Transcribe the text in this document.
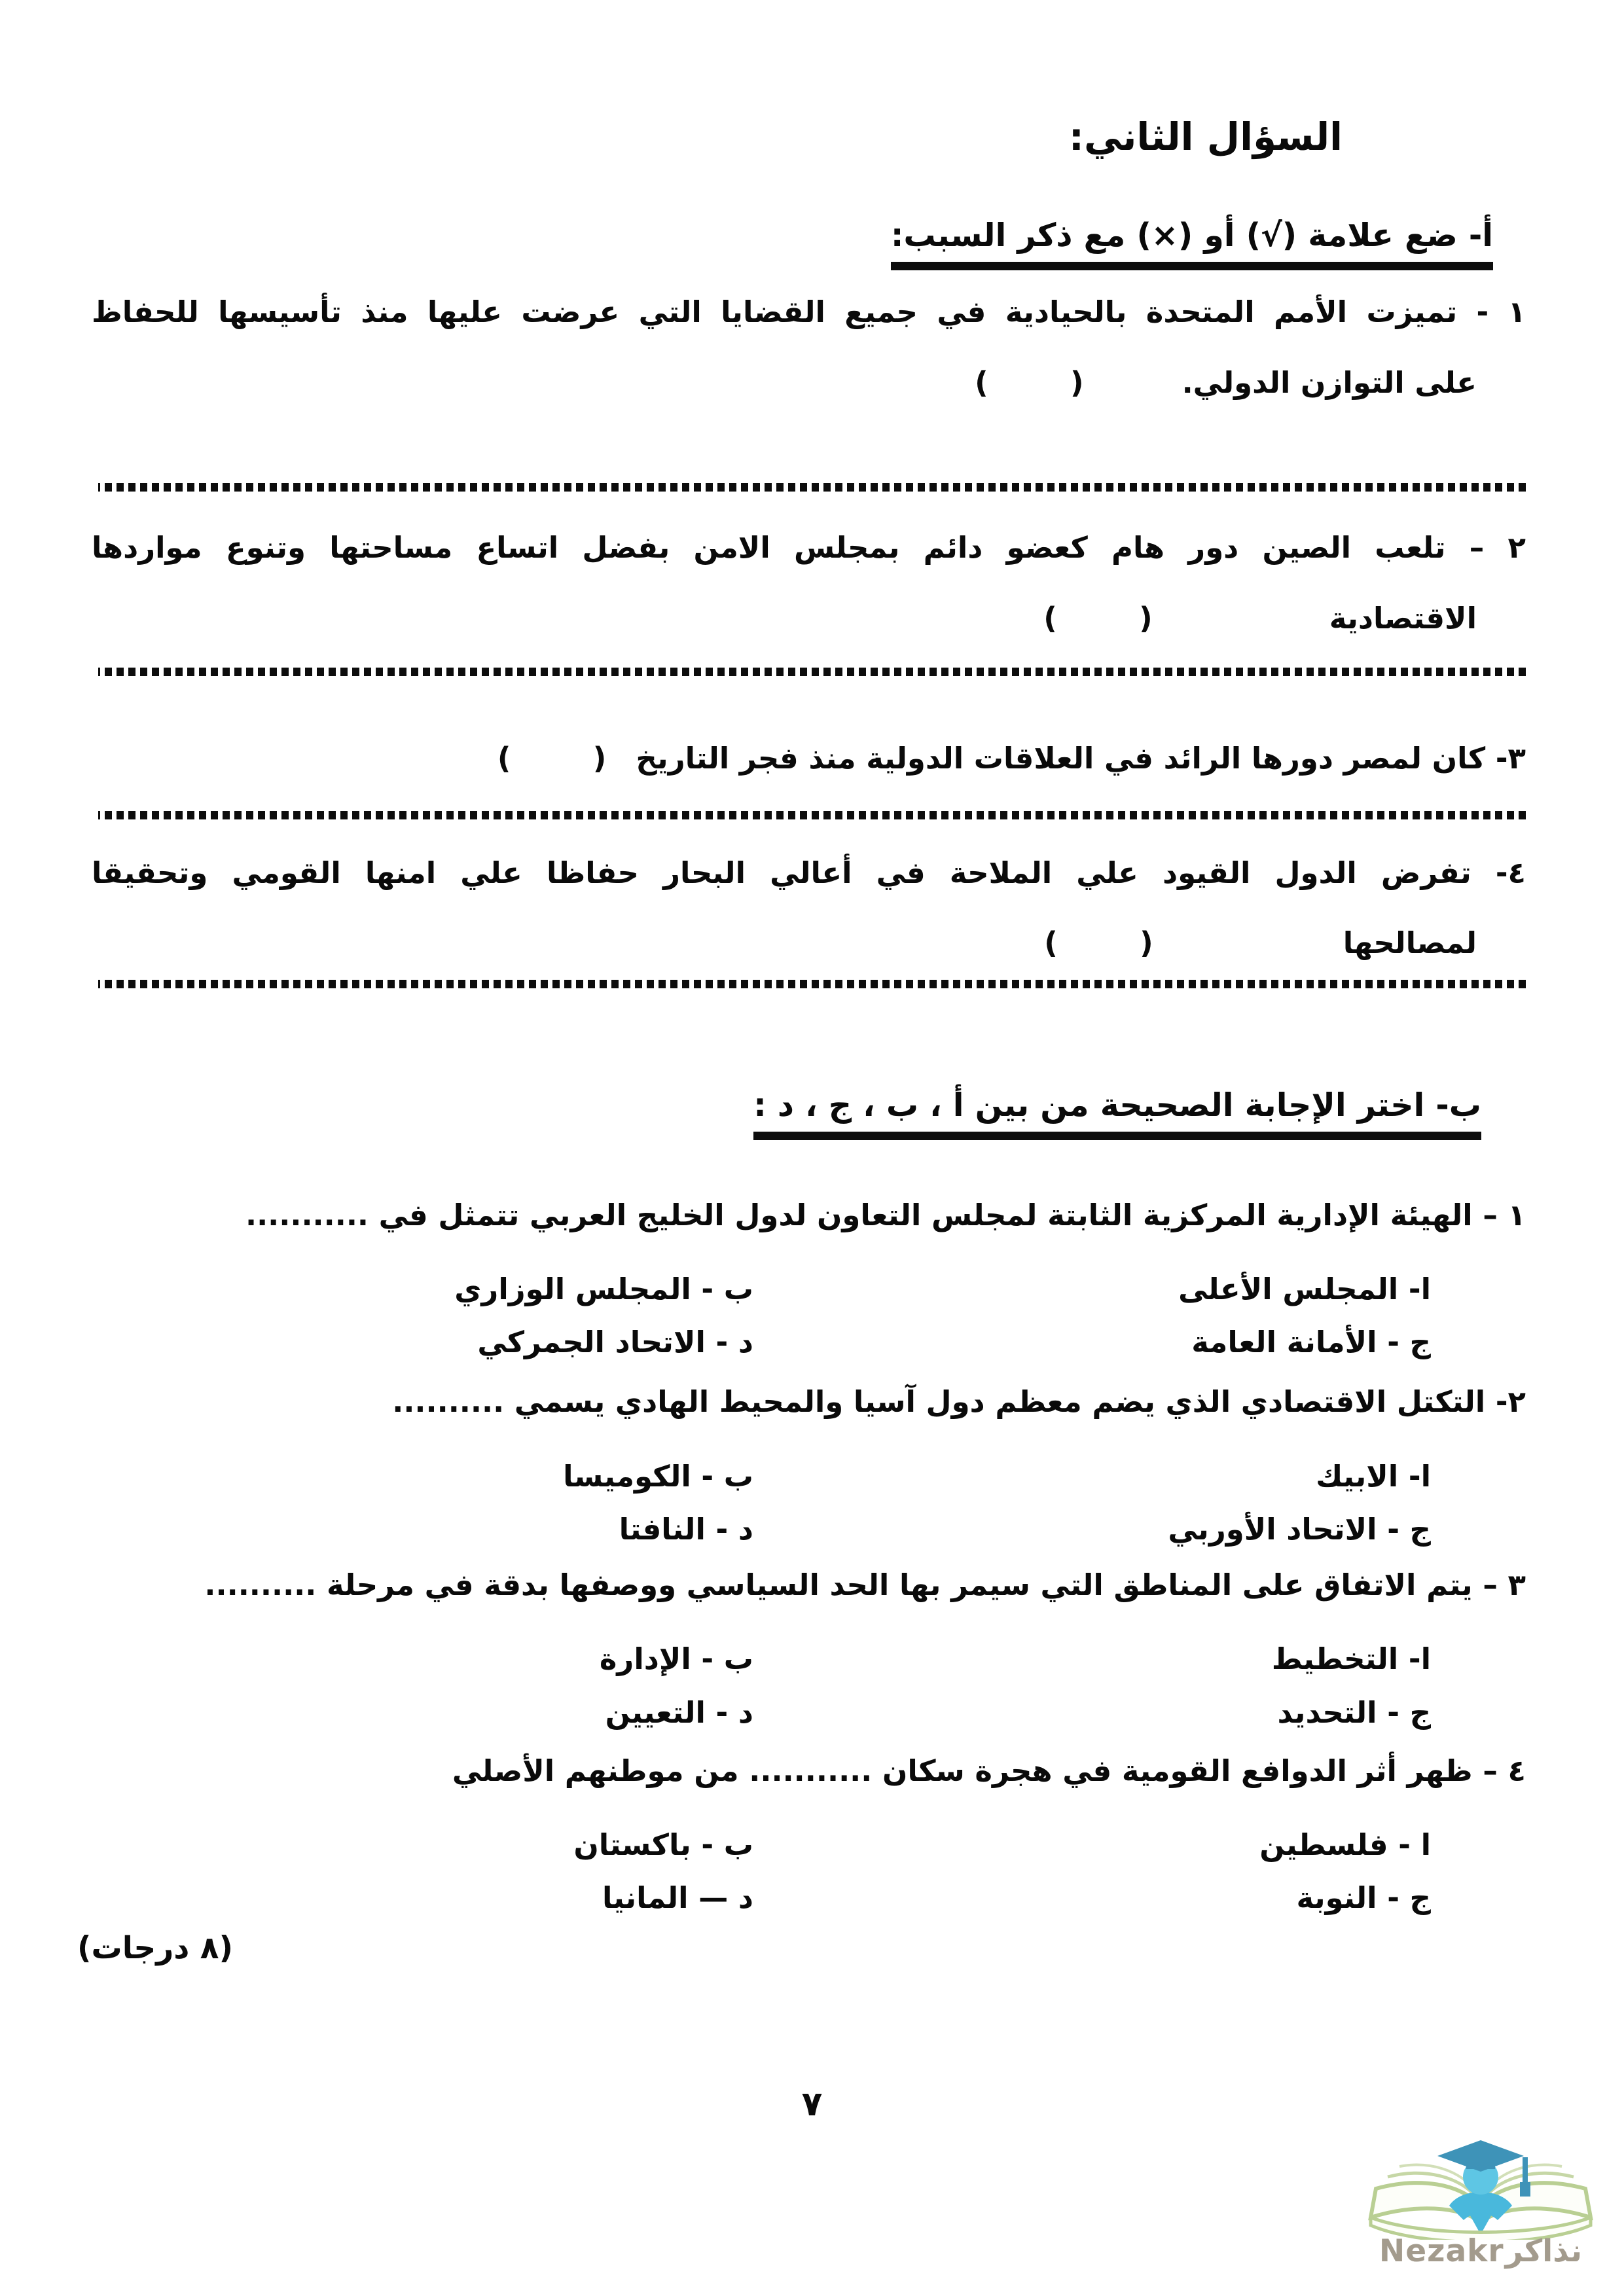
السؤال الثاني:
أ- ضع علامة (√) أو (×) مع ذكر السبب:
١ - تميزت الأمم المتحدة بالحيادية في جميع القضايا التي عرضت عليها منذ تأسيسها للحفاظ
على التوازن الدولي.(        )
٢ – تلعب الصين دور هام كعضو دائم بمجلس الامن بفضل اتساع مساحتها وتنوع مواردها
الاقتصادية(        )
٣- كان لمصر دورها الرائد في العلاقات الدولية منذ فجر التاريخ(        )
٤- تفرض الدول القيود علي الملاحة في أعالي البحار حفاظا علي امنها القومي وتحقيقا
لمصالحها(        )
ب- اختر الإجابة الصحيحة من بين أ ، ب ، ج ، د :
١ – الهيئة الإدارية المركزية الثابتة لمجلس التعاون لدول الخليج العربي تتمثل في ...........
ا- المجلس الأعلى
ب - المجلس الوزاري
ج - الأمانة العامة
د - الاتحاد الجمركي
٢- التكتل الاقتصادي الذي يضم معظم دول آسيا والمحيط الهادي يسمي ..........
ا- الابيك
ب - الكوميسا
ج - الاتحاد الأوربي
د - النافتا
٣ – يتم الاتفاق على المناطق التي سيمر بها الحد السياسي ووصفها بدقة في مرحلة ..........
ا- التخطيط
ب - الإدارة
ج - التحديد
د - التعيين
٤ – ظهر أثر الدوافع القومية في هجرة سكان ........... من موطنهم الأصلي
ا - فلسطين
ب - باكستان
ج - النوبة
د — المانيا
(٨ درجات)
٧
Nezakrنذاكر
